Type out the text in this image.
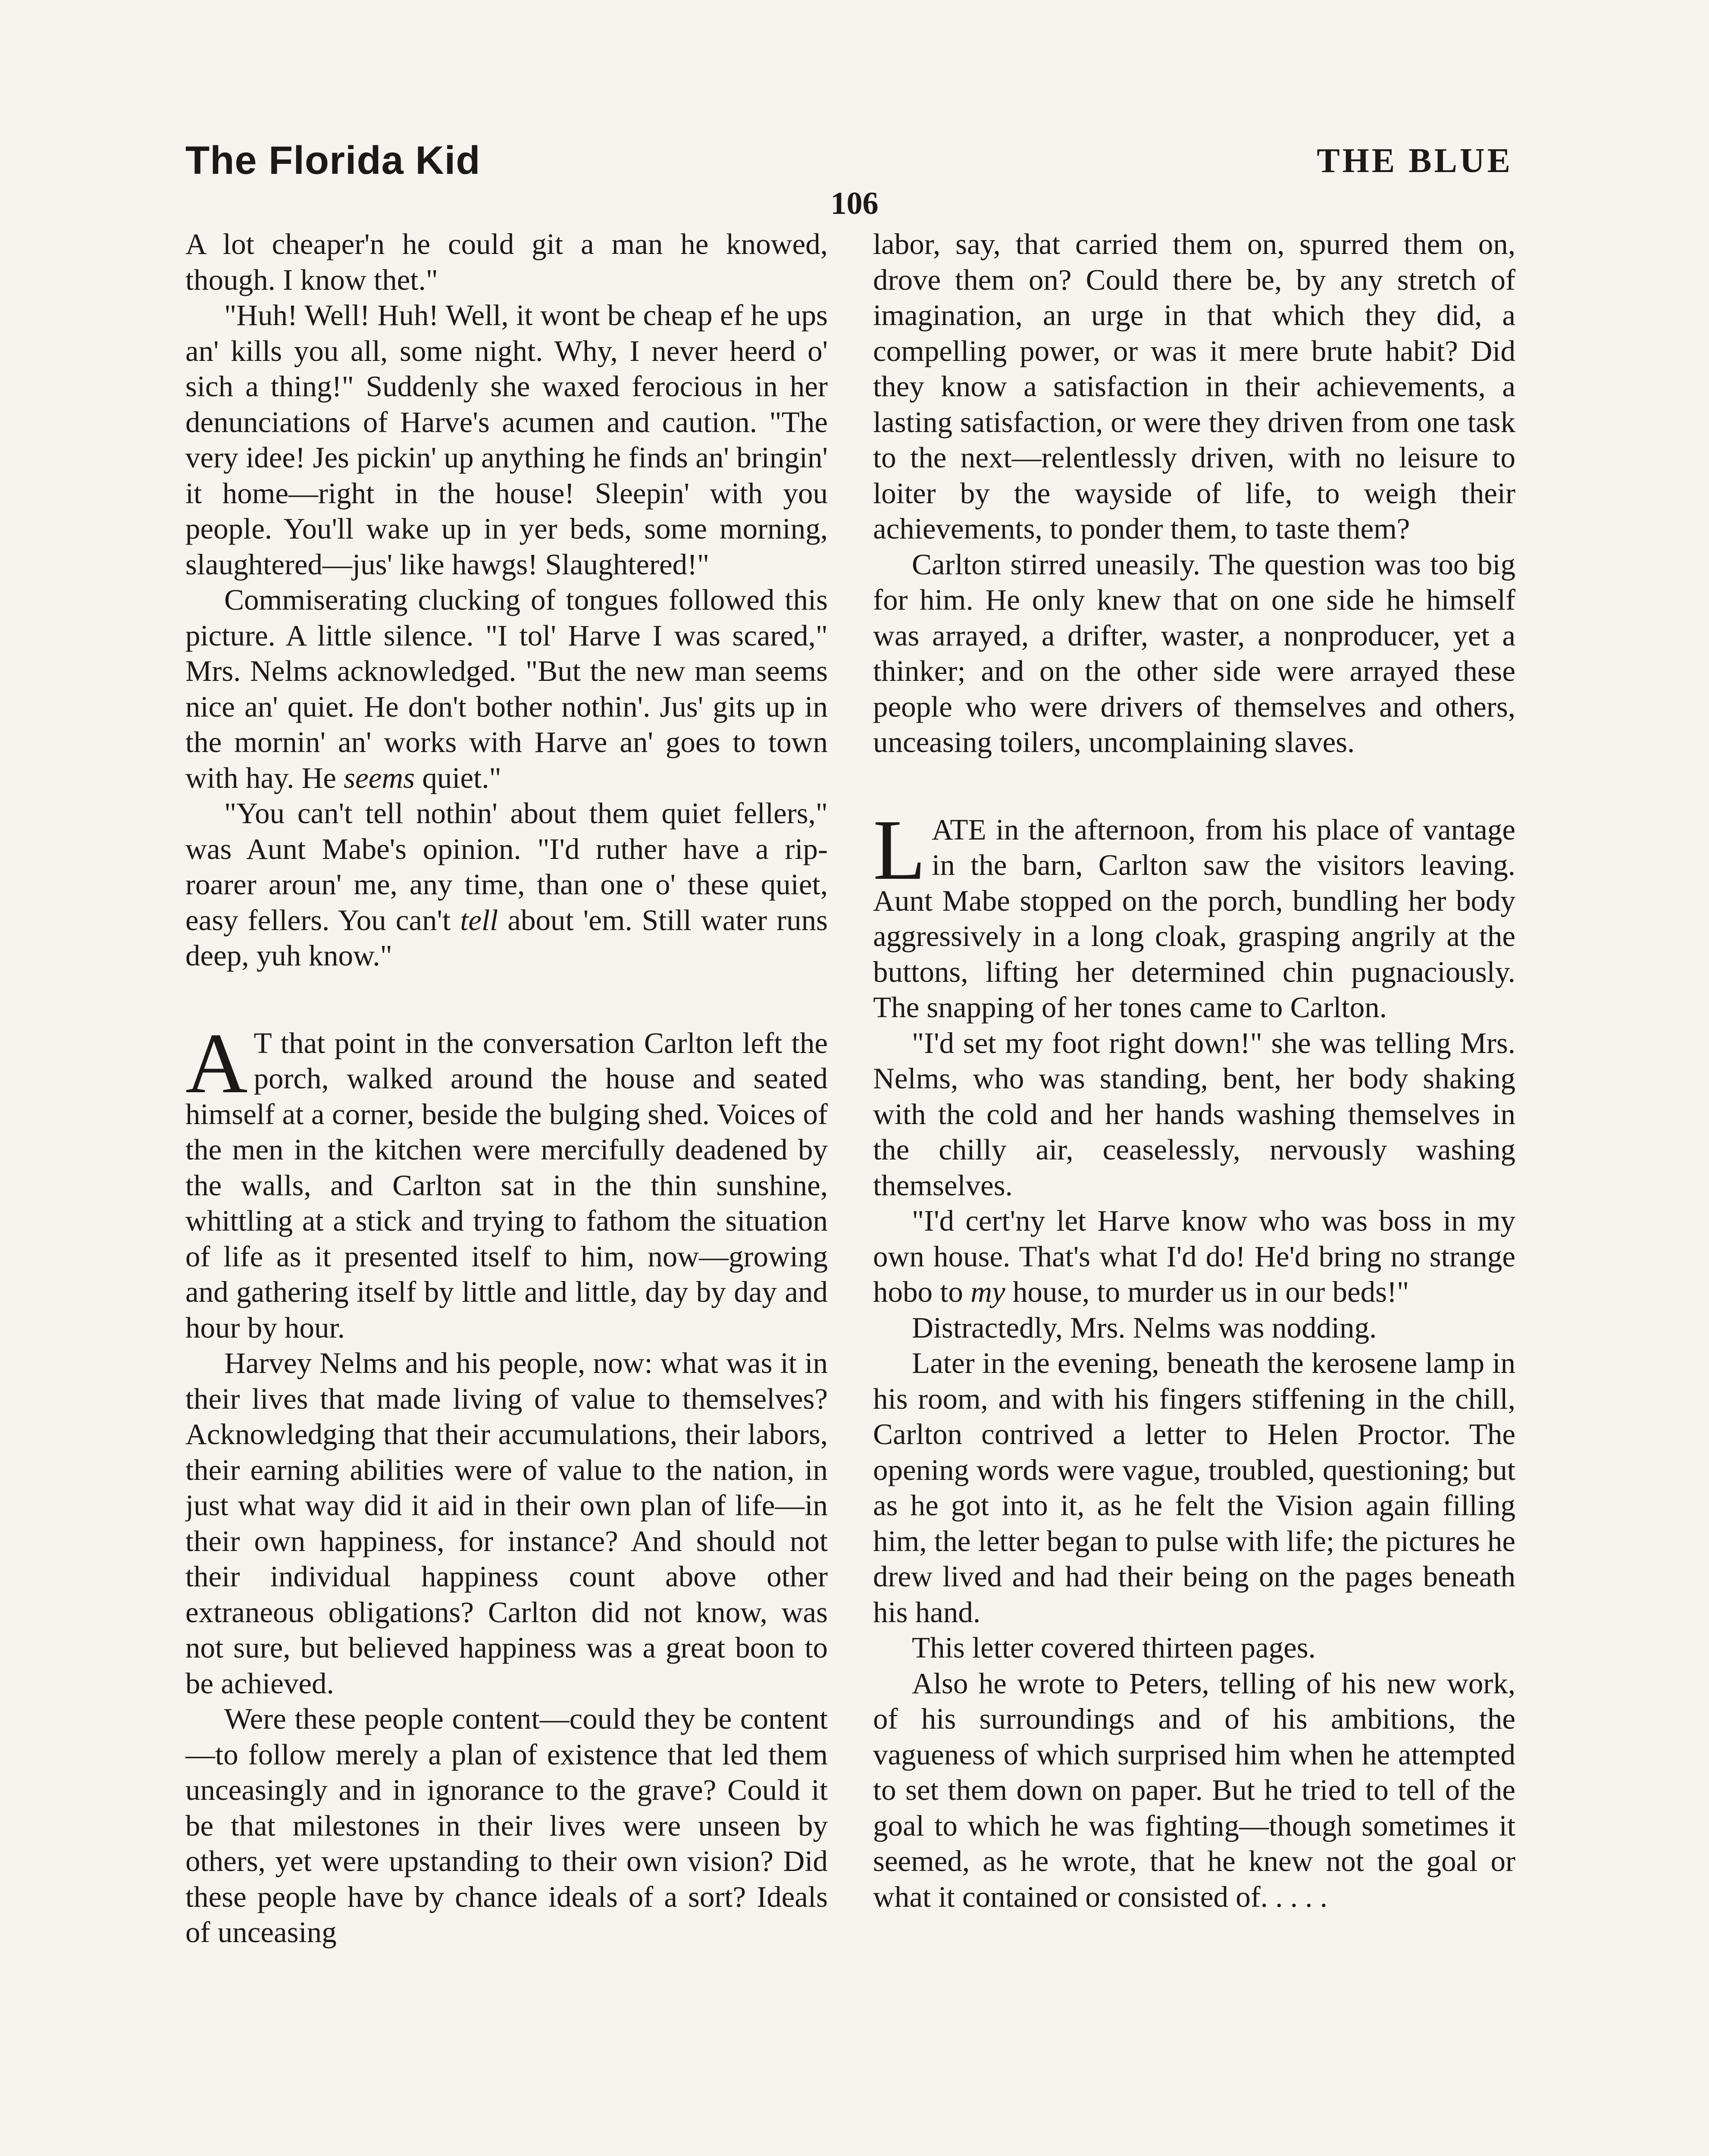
The Florida Kid	THE BLUE
106

A lot cheaper'n he could git a man he knowed, though. I know thet."

"Huh! Well! Huh! Well, it wont be cheap ef he ups an' kills you all, some night. Why, I never heerd o' sich a thing!" Suddenly she waxed ferocious in her denunciations of Harve's acumen and caution. "The very idee! Jes pickin' up anything he finds an' bringin' it home—right in the house! Sleepin' with you people. You'll wake up in yer beds, some morning, slaughtered—jus' like hawgs! Slaughtered!"

Commiserating clucking of tongues followed this picture. A little silence. "I tol' Harve I was scared," Mrs. Nelms acknowledged. "But the new man seems nice an' quiet. He don't bother nothin'. Jus' gits up in the mornin' an' works with Harve an' goes to town with hay. He seems quiet."

"You can't tell nothin' about them quiet fellers," was Aunt Mabe's opinion. "I'd ruther have a rip-roarer aroun' me, any time, than one o' these quiet, easy fellers. You can't tell about 'em. Still water runs deep, yuh know."

A T that point in the conversation Carlton left the porch, walked around the house and seated himself at a corner, beside the bulging shed. Voices of the men in the kitchen were mercifully deadened by the walls, and Carlton sat in the thin sunshine, whittling at a stick and trying to fathom the situation of life as it presented itself to him, now—growing and gathering itself by little and little, day by day and hour by hour.

Harvey Nelms and his people, now: what was it in their lives that made living of value to themselves? Acknowledging that their accumulations, their labors, their earning abilities were of value to the nation, in just what way did it aid in their own plan of life—in their own happiness, for instance? And should not their individual happiness count above other extraneous obligations? Carlton did not know, was not sure, but believed happiness was a great boon to be achieved.

Were these people content—could they be content—to follow merely a plan of existence that led them unceasingly and in ignorance to the grave? Could it be that milestones in their lives were unseen by others, yet were upstanding to their own vision? Did these people have by chance ideals of a sort? Ideals of unceasing

labor, say, that carried them on, spurred them on, drove them on? Could there be, by any stretch of imagination, an urge in that which they did, a compelling power, or was it mere brute habit? Did they know a satisfaction in their achievements, a lasting satisfaction, or were they driven from one task to the next—relentlessly driven, with no leisure to loiter by the wayside of life, to weigh their achievements, to ponder them, to taste them?

Carlton stirred uneasily. The question was too big for him. He only knew that on one side he himself was arrayed, a drifter, waster, a nonproducer, yet a thinker; and on the other side were arrayed these people who were drivers of themselves and others, unceasing toilers, uncomplaining slaves.

LATE in the afternoon, from his place of vantage in the barn, Carlton saw the visitors leaving. Aunt Mabe stopped on the porch, bundling her body aggressively in a long cloak, grasping angrily at the buttons, lifting her determined chin pugnaciously. The snapping of her tones came to Carlton.

"I'd set my foot right down!" she was telling Mrs. Nelms, who was standing, bent, her body shaking with the cold and her hands washing themselves in the chilly air, ceaselessly, nervously washing themselves.

"I'd cert'ny let Harve know who was boss in my own house. That's what I'd do! He'd bring no strange hobo to my house, to murder us in our beds!"

Distractedly, Mrs. Nelms was nodding.

Later in the evening, beneath the kerosene lamp in his room, and with his fingers stiffening in the chill, Carlton contrived a letter to Helen Proctor. The opening words were vague, troubled, questioning; but as he got into it, as he felt the Vision again filling him, the letter began to pulse with life; the pictures he drew lived and had their being on the pages beneath his hand.

This letter covered thirteen pages.

Also he wrote to Peters, telling of his new work, of his surroundings and of his ambitions, the vagueness of which surprised him when he attempted to set them down on paper. But he tried to tell of the goal to which he was fighting—though sometimes it seemed, as he wrote, that he knew not the goal or what it contained or consisted of. . . . .
